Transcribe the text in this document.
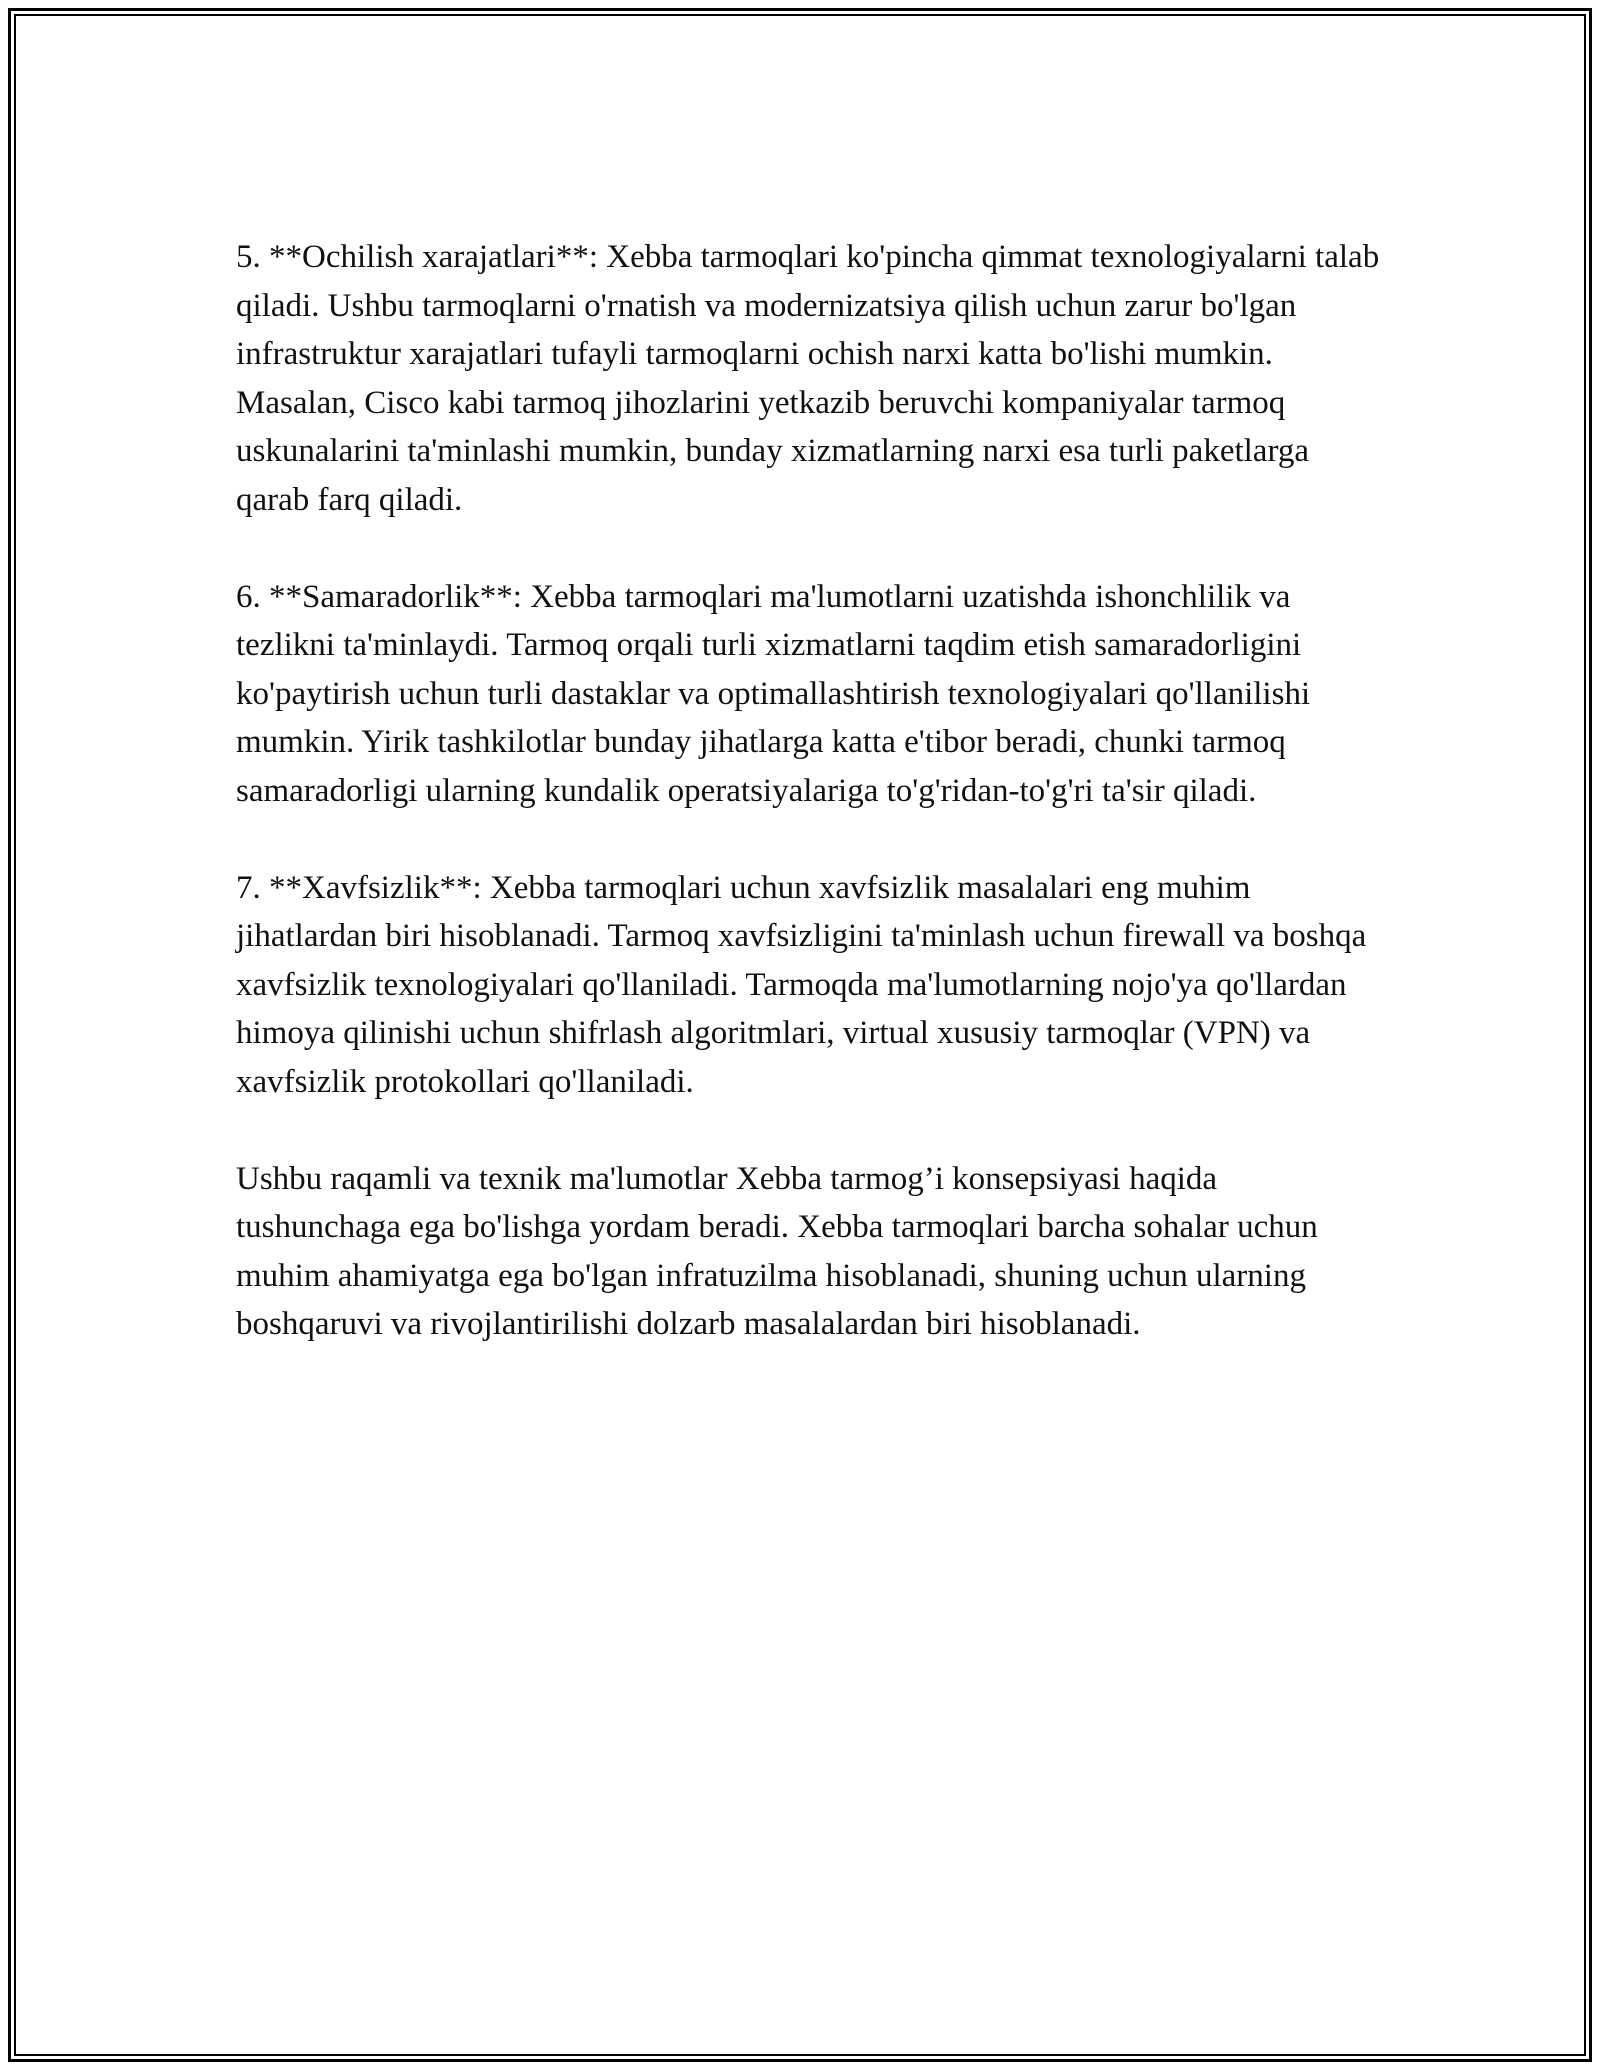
5. **Ochilish xarajatlari**: Xebba tarmoqlari ko'pincha qimmat texnologiyalarni talab qiladi. Ushbu tarmoqlarni o'rnatish va modernizatsiya qilish uchun zarur bo'lgan infrastruktur xarajatlari tufayli tarmoqlarni ochish narxi katta bo'lishi mumkin. Masalan, Cisco kabi tarmoq jihozlarini yetkazib beruvchi kompaniyalar tarmoq uskunalarini ta'minlashi mumkin, bunday xizmatlarning narxi esa turli paketlarga qarab farq qiladi.

6. **Samaradorlik**: Xebba tarmoqlari ma'lumotlarni uzatishda ishonchlilik va tezlikni ta'minlaydi. Tarmoq orqali turli xizmatlarni taqdim etish samaradorligini ko'paytirish uchun turli dastaklar va optimallashtirish texnologiyalari qo'llanilishi mumkin. Yirik tashkilotlar bunday jihatlarga katta e'tibor beradi, chunki tarmoq samaradorligi ularning kundalik operatsiyalariga to'g'ridan-to'g'ri ta'sir qiladi.

7. **Xavfsizlik**: Xebba tarmoqlari uchun xavfsizlik masalalari eng muhim jihatlardan biri hisoblanadi. Tarmoq xavfsizligini ta'minlash uchun firewall va boshqa xavfsizlik texnologiyalari qo'llaniladi. Tarmoqda ma'lumotlarning nojo'ya qo'llardan himoya qilinishi uchun shifrlash algoritmlari, virtual xususiy tarmoqlar (VPN) va xavfsizlik protokollari qo'llaniladi.

Ushbu raqamli va texnik ma'lumotlar Xebba tarmog’i konsepsiyasi haqida tushunchaga ega bo'lishga yordam beradi. Xebba tarmoqlari barcha sohalar uchun muhim ahamiyatga ega bo'lgan infratuzilma hisoblanadi, shuning uchun ularning boshqaruvi va rivojlantirilishi dolzarb masalalardan biri hisoblanadi.
